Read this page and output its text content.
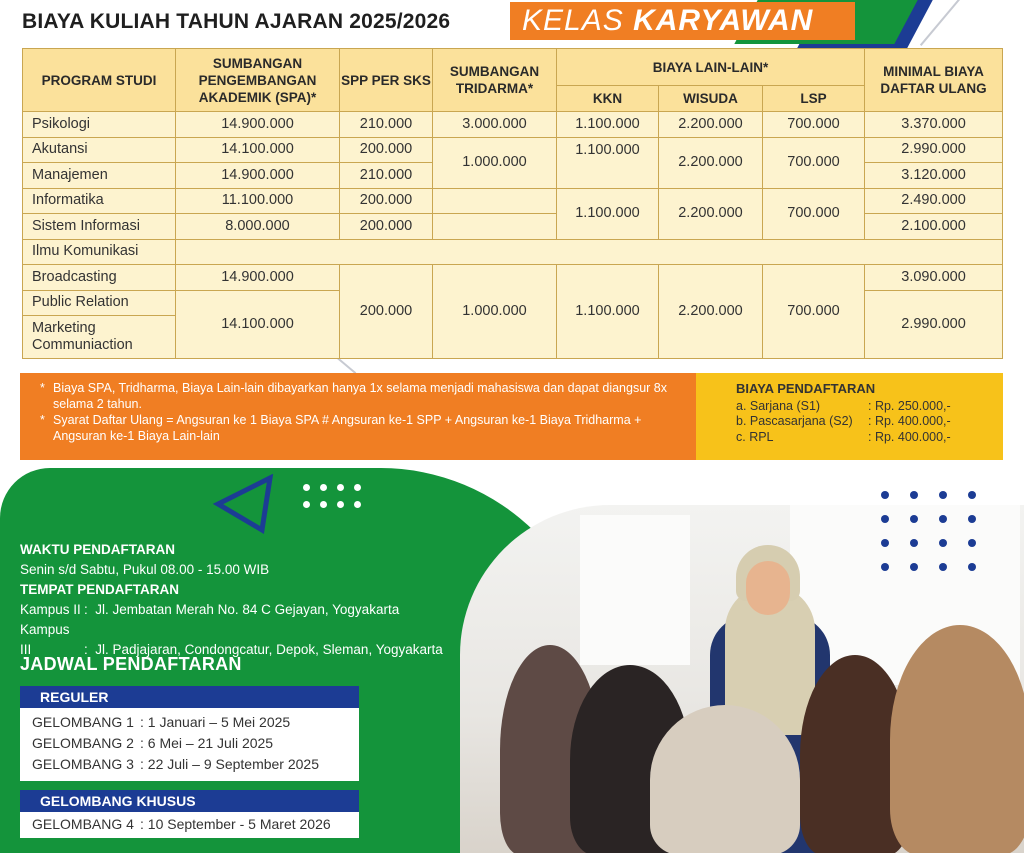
BIAYA KULIAH TAHUN AJARAN 2025/2026	KELAS KARYAWAN
PROGRAM STUDI	SUMBANGAN PENGEMBANGAN AKADEMIK (SPA)*	SPP PER SKS	SUMBANGAN TRIDARMA*	BIAYA LAIN-LAIN*			MINIMAL BIAYA DAFTAR ULANG
				KKN	WISUDA	LSP	
Psikologi	14.900.000	210.000	3.000.000	1.100.000	2.200.000	700.000	3.370.000
Akutansi	14.100.000	200.000	1.000.000	1.100.000	2.200.000	700.000	2.990.000
Manajemen	14.900.000	210.000					3.120.000
Informatika	11.100.000	200.000		1.100.000	2.200.000	700.000	2.490.000
Sistem Informasi	8.000.000	200.000					2.100.000
Ilmu Komunikasi							
Broadcasting	14.900.000	200.000	1.000.000	1.100.000	2.200.000	700.000	3.090.000
Public Relation	14.100.000						2.990.000
Marketing Communiaction							
* Biaya SPA, Tridharma, Biaya Lain-lain dibayarkan hanya 1x selama menjadi mahasiswa dan dapat diangsur 8x selama 2 tahun.
* Syarat Daftar Ulang = Angsuran ke 1 Biaya SPA # Angsuran ke-1 SPP + Angsuran ke-1 Biaya Tridharma + Angsuran ke-1 Biaya Lain-lain
BIAYA PENDAFTARAN
a. Sarjana (S1)	: Rp. 250.000,-
b. Pascasarjana (S2)	: Rp. 400.000,-
c. RPL	: Rp. 400.000,-
WAKTU PENDAFTARAN
Senin s/d Sabtu, Pukul 08.00 - 15.00 WIB
TEMPAT PENDAFTARAN
Kampus II : Jl. Jembatan Merah No. 84 C Gejayan, Yogyakarta
Kampus III	: Jl. Padjajaran, Condongcatur, Depok, Sleman, Yogyakarta
JADWAL PENDAFTARAN
REGULER
GELOMBANG 1 : 1 Januari – 5 Mei 2025
GELOMBANG 2 : 6 Mei – 21 Juli 2025
GELOMBANG 3 : 22 Juli – 9 September 2025
GELOMBANG KHUSUS
GELOMBANG 4 : 10 September - 5 Maret 2026
